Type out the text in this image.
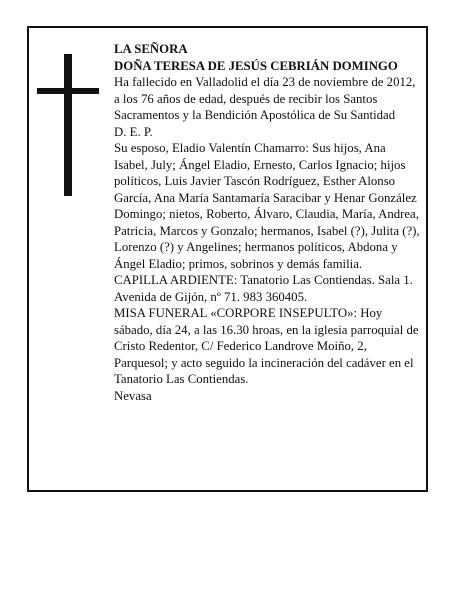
LA SEÑORA

DOÑA TERESA DE JESÚS CEBRIÁN DOMINGO

Ha fallecido en Valladolid el día 23 de noviembre de 2012, a los 76 años de edad, después de recibir los Santos Sacramentos y la Bendición Apostólica de Su Santidad

D. E. P.

Su esposo, Eladio Valentín Chamarro: Sus hijos, Ana Isabel, July; Ángel Eladio, Ernesto, Carlos Ignacio; hijos políticos, Luis Javier Tascón Rodríguez, Esther Alonso García, Ana María Santamaría Saracibar y Henar González Domingo; nietos, Roberto, Álvaro, Claudia, María, Andrea, Patricia, Marcos y Gonzalo; hermanos, Isabel (?), Julita (?), Lorenzo (?) y Angelines; hermanos políticos, Abdona y Ángel Eladio; primos, sobrinos y demás familia.

CAPILLA ARDIENTE: Tanatorio Las Contiendas. Sala 1. Avenida de Gijón, nº 71. 983 360405.

MISA FUNERAL «CORPORE INSEPULTO»: Hoy sábado, día 24, a las 16.30 hroas, en la iglesia parroquial de Cristo Redentor, C/ Federico Landrove Moiño, 2, Parquesol; y acto seguido la incineración del cadáver en el Tanatorio Las Contiendas.

Nevasa
